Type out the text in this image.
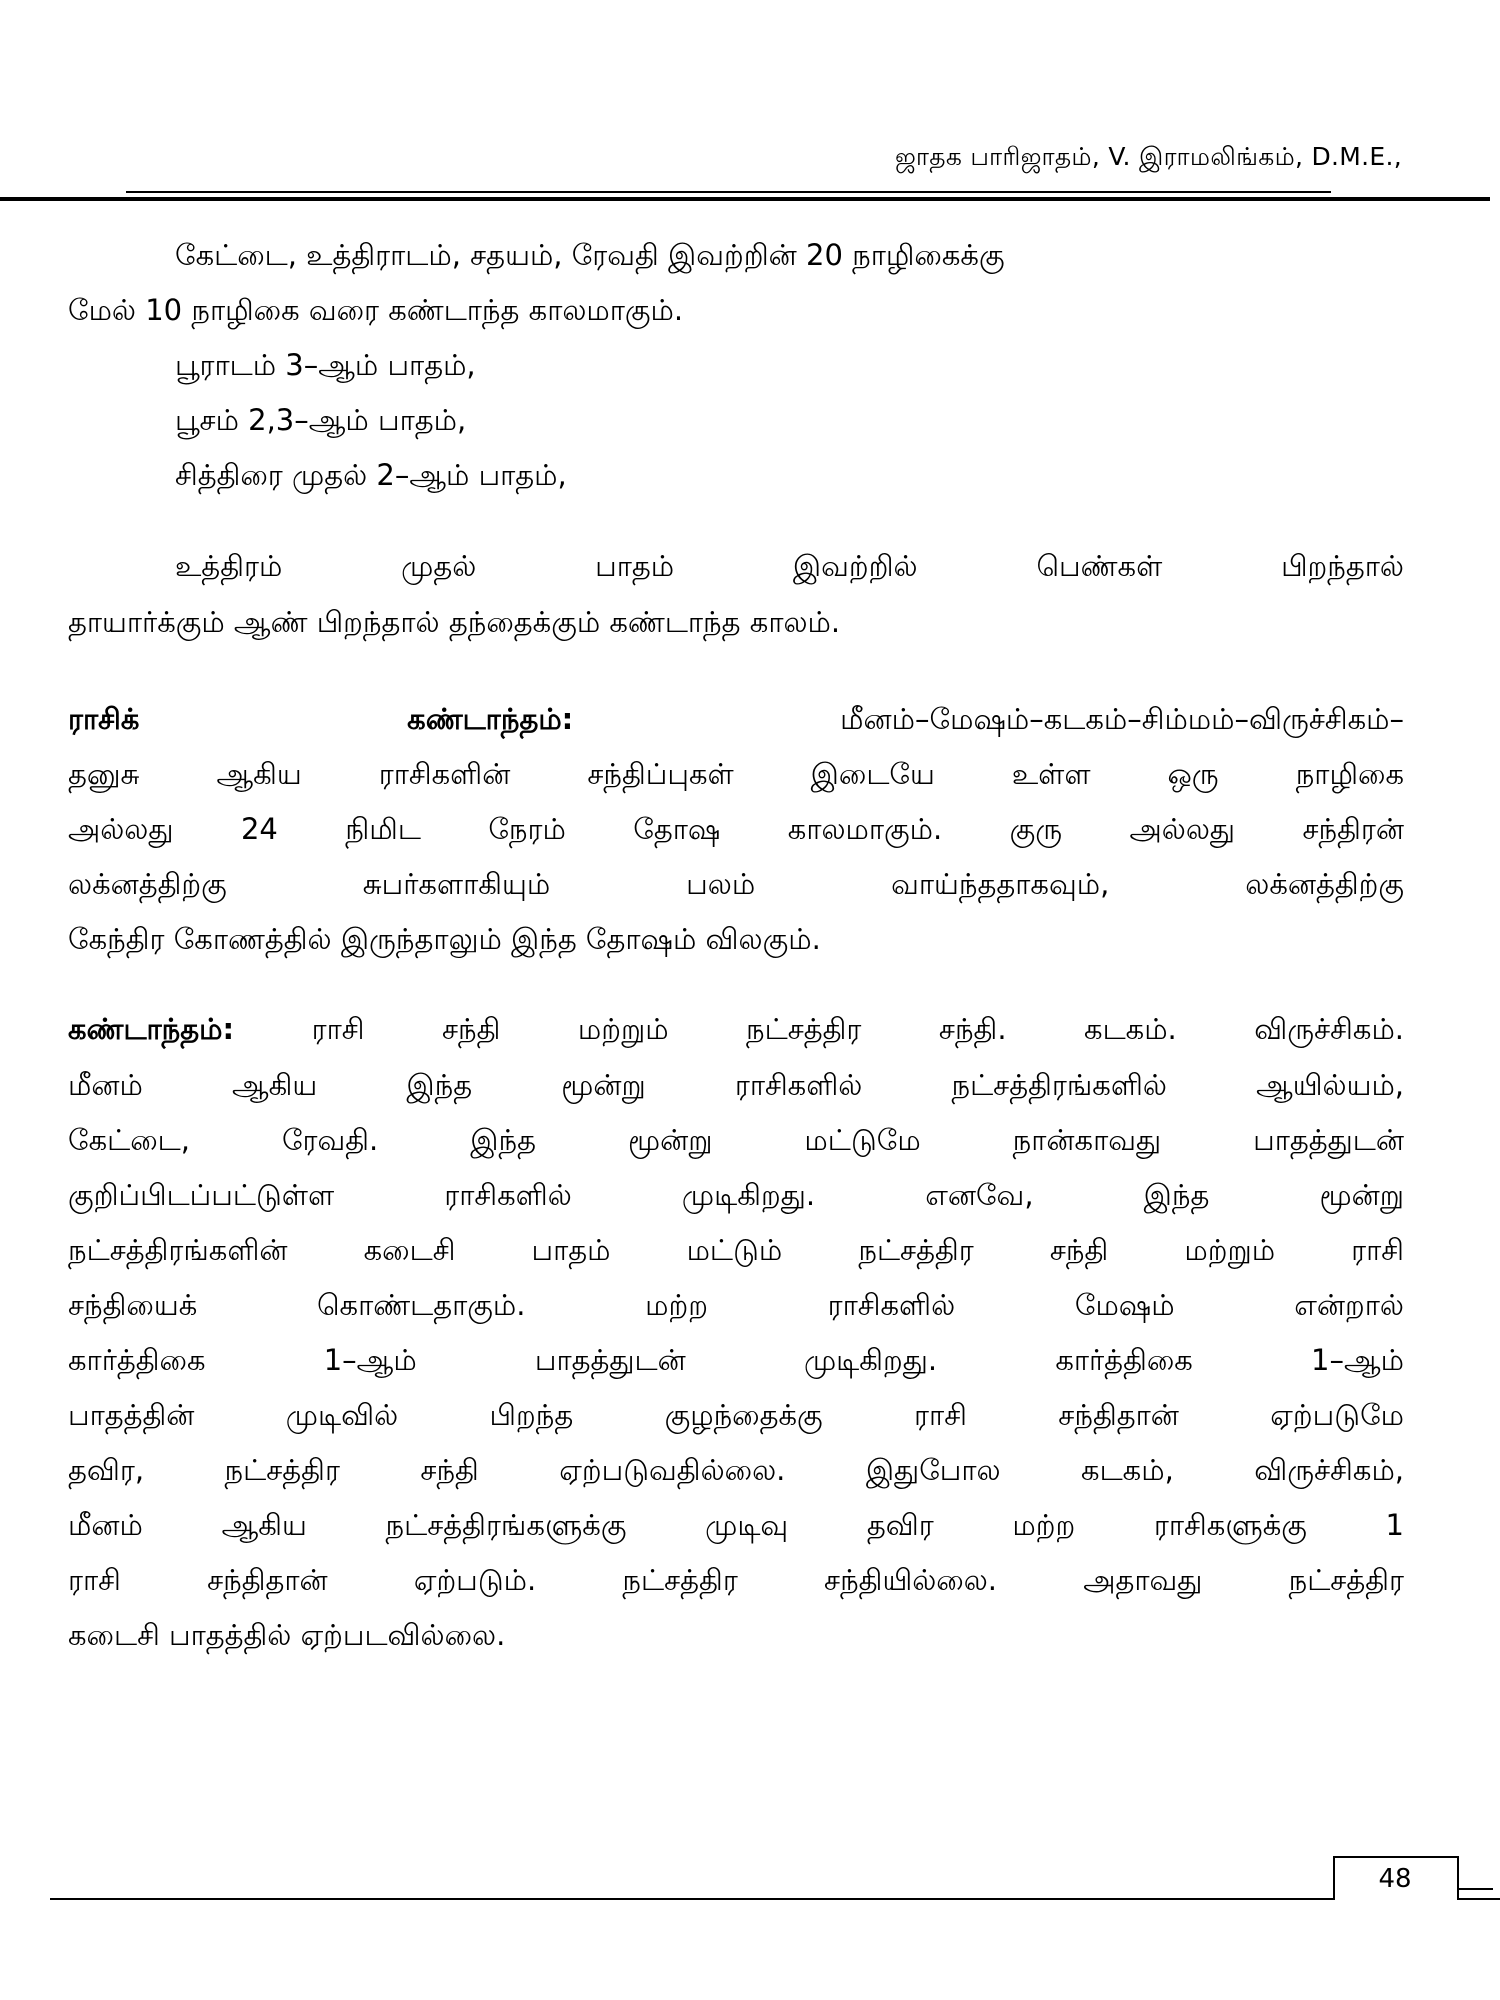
ஜாதக பாரிஜாதம், V. இராமலிங்கம், D.M.E.,
கேட்டை, உத்திராடம், சதயம், ரேவதி இவற்றின் 20 நாழிகைக்கு
மேல் 10 நாழிகை வரை கண்டாந்த காலமாகும்.
பூராடம் 3–ஆம் பாதம்,
பூசம் 2,3–ஆம் பாதம்,
சித்திரை முதல் 2–ஆம் பாதம்,
உத்திரம் முதல் பாதம் இவற்றில் பெண்கள் பிறந்தால்
தாயார்க்கும் ஆண் பிறந்தால் தந்தைக்கும் கண்டாந்த காலம்.
ராசிக் கண்டாந்தம்:	மீனம்–மேஷம்–கடகம்–சிம்மம்–விருச்சிகம்–
தனுசு ஆகிய ராசிகளின் சந்திப்புகள் இடையே உள்ள ஒரு நாழிகை
அல்லது 24 நிமிட நேரம் தோஷ காலமாகும். குரு அல்லது சந்திரன்
லக்னத்திற்கு சுபர்களாகியும் பலம் வாய்ந்ததாகவும், லக்னத்திற்கு
கேந்திர கோணத்தில் இருந்தாலும் இந்த தோஷம் விலகும்.
கண்டாந்தம்:	ராசி சந்தி மற்றும் நட்சத்திர சந்தி. கடகம். விருச்சிகம்.
மீனம் ஆகிய இந்த மூன்று ராசிகளில் நட்சத்திரங்களில் ஆயில்யம்,
கேட்டை, ரேவதி. இந்த மூன்று மட்டுமே நான்காவது பாதத்துடன்
குறிப்பிடப்பட்டுள்ள ராசிகளில் முடிகிறது. எனவே, இந்த மூன்று
நட்சத்திரங்களின் கடைசி பாதம் மட்டும் நட்சத்திர சந்தி மற்றும் ராசி
சந்தியைக் கொண்டதாகும். மற்ற ராசிகளில் மேஷம் என்றால்
கார்த்திகை 1–ஆம் பாதத்துடன் முடிகிறது. கார்த்திகை 1–ஆம்
பாதத்தின் முடிவில் பிறந்த குழந்தைக்கு ராசி சந்திதான் ஏற்படுமே
தவிர, நட்சத்திர சந்தி ஏற்படுவதில்லை. இதுபோல கடகம், விருச்சிகம்,
மீனம் ஆகிய நட்சத்திரங்களுக்கு முடிவு தவிர மற்ற ராசிகளுக்கு 1
ராசி சந்திதான் ஏற்படும். நட்சத்திர சந்தியில்லை. அதாவது நட்சத்திர
கடைசி பாதத்தில் ஏற்படவில்லை.
48
